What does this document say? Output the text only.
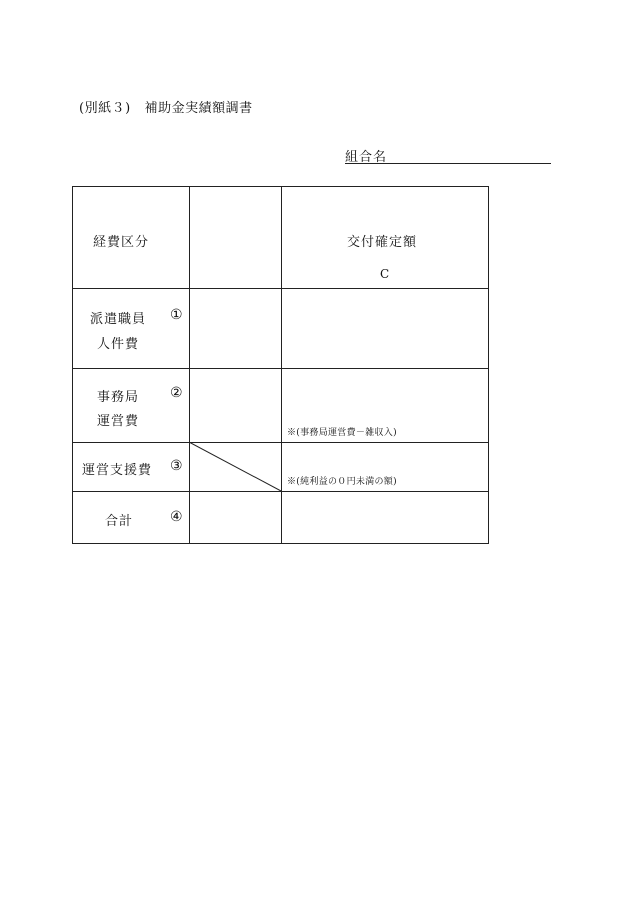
(別紙３) 補助金実績額調書
組合名
経費区分	交付確定額
C
派遣職員
人件費
①
事務局
運営費
②
※(事務局運営費－雑収入)
運営支援費 ③
※(純利益の０円未満の額)
合計	④
